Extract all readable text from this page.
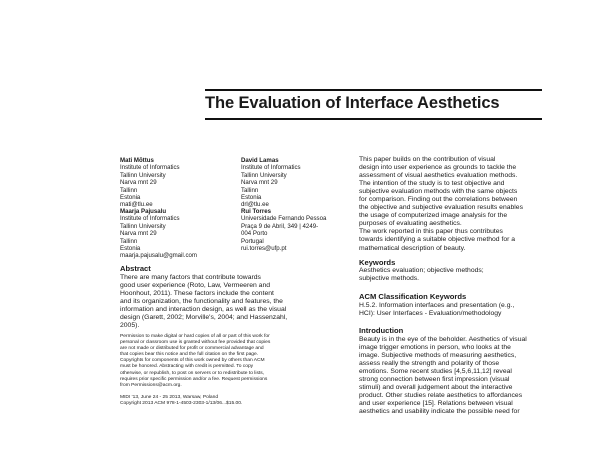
The Evaluation of Interface Aesthetics
Mati Mõttus
Institute of Informatics
Tallinn University
Narva mnt 29
Tallinn
Estonia
mati@tlu.ee
David Lamas
Institute of Informatics
Tallinn University
Narva mnt 29
Tallinn
Estonia
drl@tlu.ee
Maarja Pajusalu
Institute of Informatics
Tallinn University
Narva mnt 29
Tallinn
Estonia
maarja.pajusalu@gmail.com
Rui Torres
Universidade Fernando Pessoa
Praça 9 de Abril, 349 | 4249-
004 Porto
Portugal
rui.torres@ufp.pt
Abstract
There are many factors that contribute towards
good user experience (Roto, Law, Vermeeren and
Hoonhout, 2011). These factors include the content
and its organization, the functionality and features, the
information and interaction design, as well as the visual
design (Garett, 2002; Morville's, 2004; and Hassenzahl,
2005).
Permission to make digital or hard copies of all or part of this work for
personal or classroom use is granted without fee provided that copies
are not made or distributed for profit or commercial advantage and
that copies bear this notice and the full citation on the first page.
Copyrights for components of this work owned by others than ACM
must be honored. Abstracting with credit is permitted. To copy
otherwise, or republish, to post on servers or to redistribute to lists,
requires prior specific permission and/or a fee. Request permissions
from Permissions@acm.org.
MIDI '13, June 24 - 25 2013, Warsaw, Poland
Copyright 2013 ACM 978-1-4503-2303-1/13/06...$15.00.
This paper builds on the contribution of visual
design into user experience as grounds to tackle the
assessment of visual aesthetics evaluation methods.
The intention of the study is to test objective and
subjective evaluation methods with the same objects
for comparison. Finding out the correlations between
the objective and subjective evaluation results enables
the usage of computerized image analysis for the
purposes of evaluating aesthetics.
The work reported in this paper thus contributes
towards identifying a suitable objective method for a
mathematical description of beauty.
Keywords
Aesthetics evaluation; objective methods;
subjective methods.
ACM Classification Keywords
H.5.2. Information interfaces and presentation (e.g.,
HCI): User Interfaces - Evaluation/methodology
Introduction
Beauty is in the eye of the beholder. Aesthetics of visual
image trigger emotions in person, who looks at the
image. Subjective methods of measuring aesthetics,
assess really the strength and polarity of those
emotions. Some recent studies [4,5,6,11,12] reveal
strong connection between first impression (visual
stimuli) and overall judgement about the interactive
product. Other studies relate aesthetics to affordances
and user experience [15]. Relations between visual
aesthetics and usability indicate the possible need for
